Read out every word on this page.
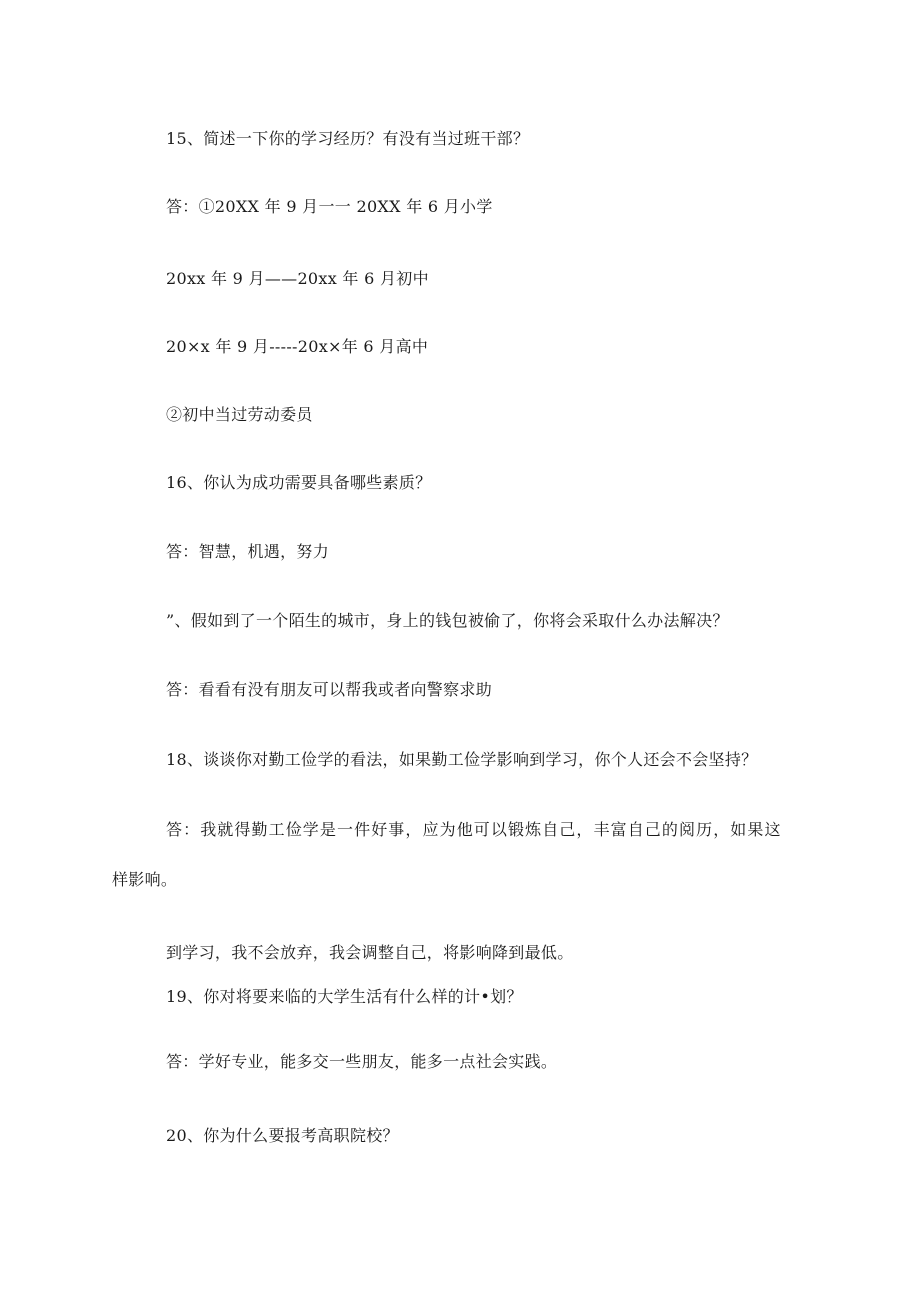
15、简述一下你的学习经历？有没有当过班干部？
答：①20XX 年 9 月一一 20XX 年 6 月小学
20xx 年 9 月——20xx 年 6 月初中
20×x 年 9 月-----20x×年 6 月高中
②初中当过劳动委员
16、你认为成功需要具备哪些素质？
答：智慧，机遇，努力
”、假如到了一个陌生的城市，身上的钱包被偷了，你将会采取什么办法解决？
答：看看有没有朋友可以帮我或者向警察求助
18、谈谈你对勤工俭学的看法，如果勤工俭学影响到学习，你个人还会不会坚持？
答：我就得勤工俭学是一件好事，应为他可以锻炼自己，丰富自己的阅历，如果这
样影响。
到学习，我不会放弃，我会调整自己，将影响降到最低。
19、你对将要来临的大学生活有什么样的计•划？
答：学好专业，能多交一些朋友，能多一点社会实践。
20、你为什么要报考高职院校？
